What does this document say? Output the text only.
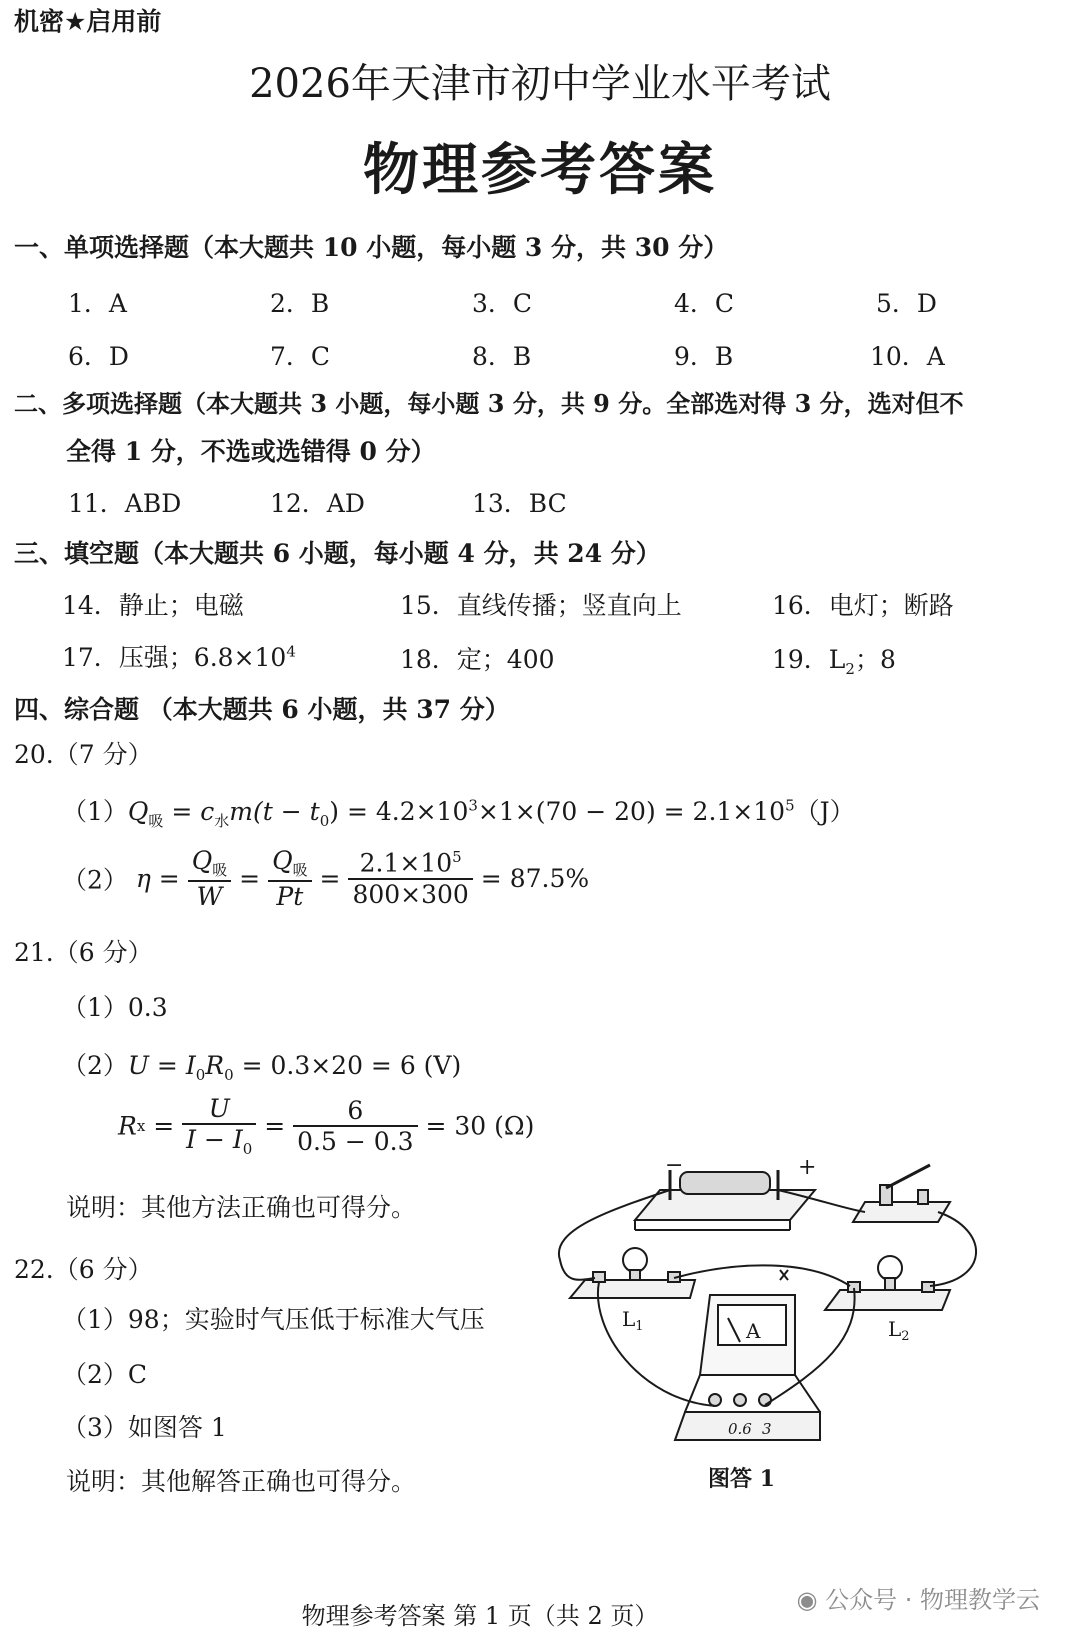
机密★启用前
2026年天津市初中学业水平考试
物理参考答案
一、单项选择题（本大题共 10 小题，每小题 3 分，共 30 分）
1．A	2．B	3．C	4．C	5．D
6．D	7．C	8．B	9．B	10．A
二、多项选择题（本大题共 3 小题，每小题 3 分，共 9 分。全部选对得 3 分，选对但不
全得 1 分，不选或选错得 0 分）
11．ABD	12．AD	13．BC
三、填空题（本大题共 6 小题，每小题 4 分，共 24 分）
14．静止；电磁	15．直线传播；竖直向上	16．电灯；断路
17．压强；$6.8\times 10^4$	18．定；400	19．$L_2$；8
四、综合题 （本大题共 6 小题，共 37 分）
20.（7 分）
$(1)Q_吸 = c_水m(t - t_0) = 4.2\times 10^3\times 1\times(70 - 20) = 2.1\times 10^5(J)$
（2） $\eta = \frac{Q_吸}{W} = \frac{Q_吸}{Pt} = \frac{2.1\times 10^5}{800\times 300} = 87.5\%$
21.（6 分）
（1）0.3
$(2)U = I_0R_0 = 0.3\times 20 = 6$ (V)
$Rx = \frac{U}{I - I_0} = \frac{6}{0.5 - 0.3} = 30$ (Ω)
说明：其他方法正确也可得分。
22.（6 分）
（1）98；实验时气压低于标准大气压
（2）C
（3）如图答 1
说明：其他解答正确也可得分。
−	+
$L_1$	$L_2$
A
0.6 3
图答 1
物理参考答案 第 1 页（共 2 页）
◉ 公众号 · 物理教学云
